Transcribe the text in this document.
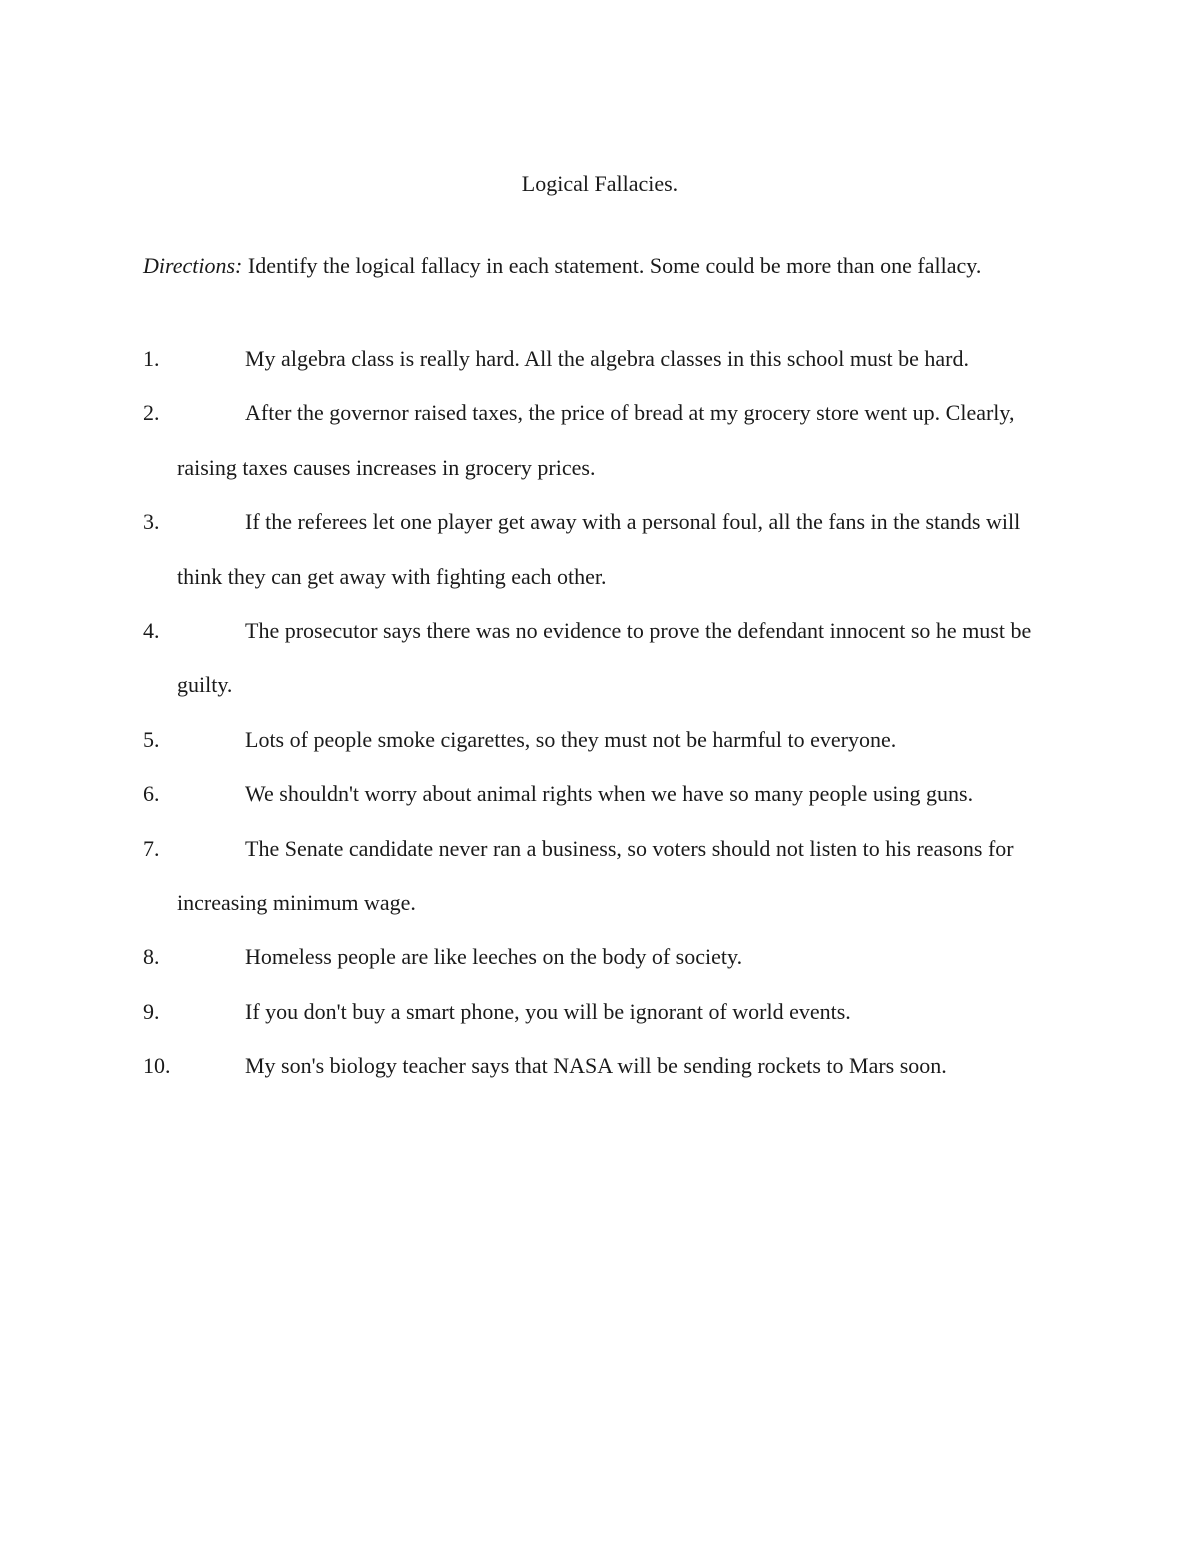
Logical Fallacies.
Directions: Identify the logical fallacy in each statement. Some could be more than one fallacy.
1.	My algebra class is really hard. All the algebra classes in this school must be hard.
2.	After the governor raised taxes, the price of bread at my grocery store went up. Clearly, raising taxes causes increases in grocery prices.
3.	If the referees let one player get away with a personal foul, all the fans in the stands will think they can get away with fighting each other.
4.	The prosecutor says there was no evidence to prove the defendant innocent so he must be guilty.
5.	Lots of people smoke cigarettes, so they must not be harmful to everyone.
6.	We shouldn't worry about animal rights when we have so many people using guns.
7.	The Senate candidate never ran a business, so voters should not listen to his reasons for increasing minimum wage.
8.	Homeless people are like leeches on the body of society.
9.	If you don't buy a smart phone, you will be ignorant of world events.
10.	My son's biology teacher says that NASA will be sending rockets to Mars soon.
